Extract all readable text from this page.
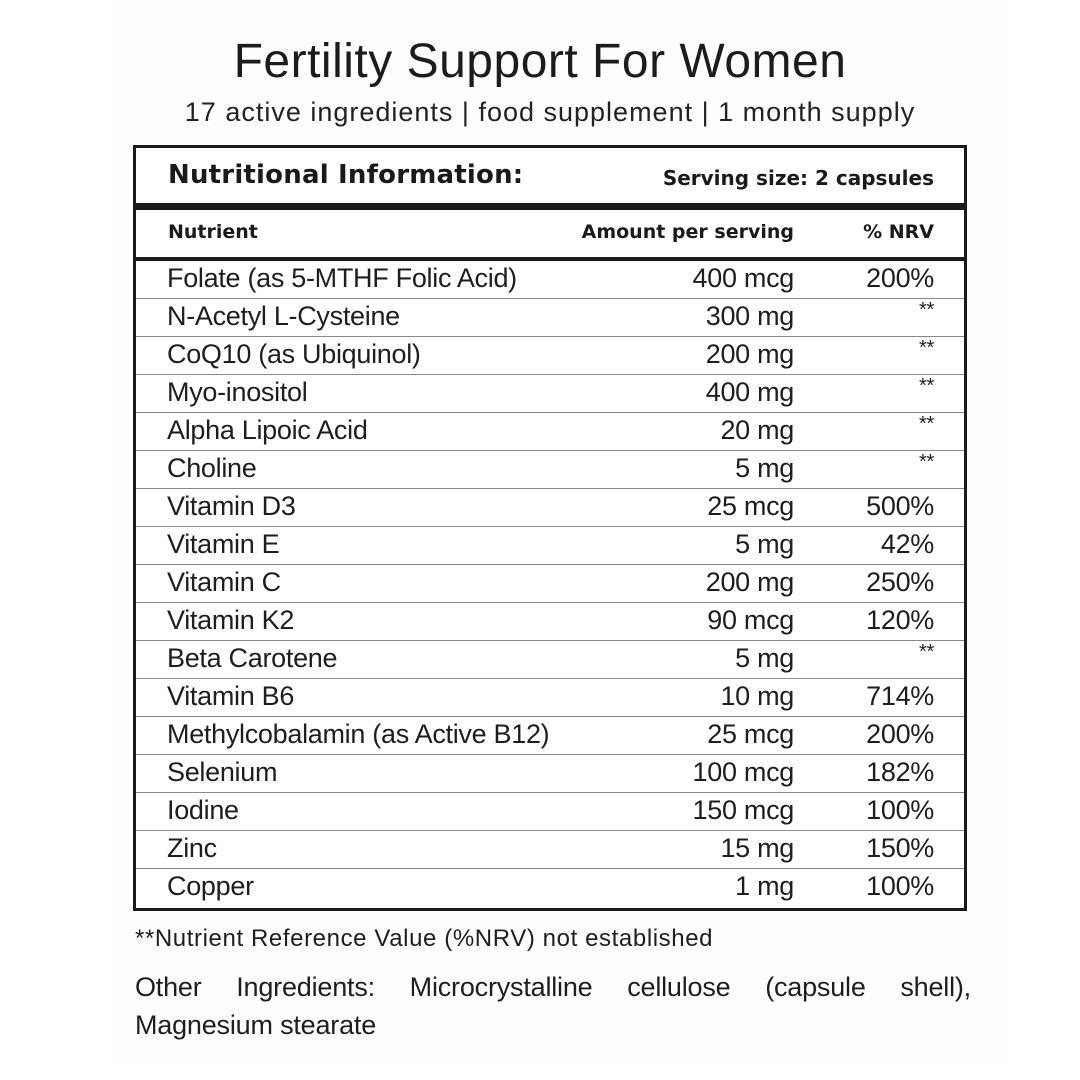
Fertility Support For Women
17 active ingredients | food supplement | 1 month supply
Nutritional Information:	Serving size: 2 capsules
Nutrient	Amount per serving	% NRV
Folate (as 5-MTHF Folic Acid)	400 mcg	200%
N-Acetyl L-Cysteine	300 mg	**
CoQ10 (as Ubiquinol)	200 mg	**
Myo-inositol	400 mg	**
Alpha Lipoic Acid	20 mg	**
Choline	5 mg	**
Vitamin D3	25 mcg	500%
Vitamin E	5 mg	42%
Vitamin C	200 mg	250%
Vitamin K2	90 mcg	120%
Beta Carotene	5 mg	**
Vitamin B6	10 mg	714%
Methylcobalamin (as Active B12)	25 mcg	200%
Selenium	100 mcg	182%
Iodine	150 mcg	100%
Zinc	15 mg	150%
Copper	1 mg	100%
**Nutrient Reference Value (%NRV) not established
Other Ingredients: Microcrystalline cellulose (capsule shell), Magnesium stearate
